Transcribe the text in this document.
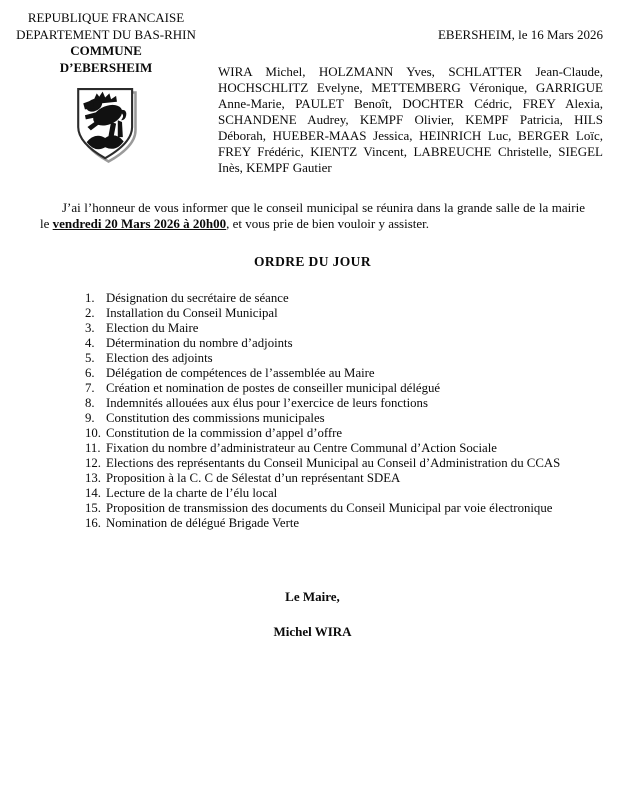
REPUBLIQUE FRANCAISE
DEPARTEMENT DU BAS-RHIN
COMMUNE
D’EBERSHEIM
EBERSHEIM, le 16 Mars 2026
WIRA Michel, HOLZMANN Yves, SCHLATTER Jean-Claude, HOCHSCHLITZ Evelyne, METTEMBERG Véronique, GARRIGUE Anne-Marie, PAULET Benoît, DOCHTER Cédric, FREY Alexia, SCHANDENE Audrey, KEMPF Olivier, KEMPF Patricia, HILS Déborah, HUEBER-MAAS Jessica, HEINRICH Luc, BERGER Loïc, FREY Frédéric, KIENTZ Vincent, LABREUCHE Christelle, SIEGEL Inès, KEMPF Gautier

J’ai l’honneur de vous informer que le conseil municipal se réunira dans la grande salle de la mairie le vendredi 20 Mars 2026 à 20h00, et vous prie de bien vouloir y assister.

ORDRE DU JOUR
1. Désignation du secrétaire de séance
2. Installation du Conseil Municipal
3. Election du Maire
4. Détermination du nombre d’adjoints
5. Election des adjoints
6. Délégation de compétences de l’assemblée au Maire
7. Création et nomination de postes de conseiller municipal délégué
8. Indemnités allouées aux élus pour l’exercice de leurs fonctions
9. Constitution des commissions municipales
10. Constitution de la commission d’appel d’offre
11. Fixation du nombre d’administrateur au Centre Communal d’Action Sociale
12. Elections des représentants du Conseil Municipal au Conseil d’Administration du CCAS
13. Proposition à la C. C de Sélestat d’un représentant SDEA
14. Lecture de la charte de l’élu local
15. Proposition de transmission des documents du Conseil Municipal par voie électronique
16. Nomination de délégué Brigade Verte
Le Maire,
Michel WIRA
